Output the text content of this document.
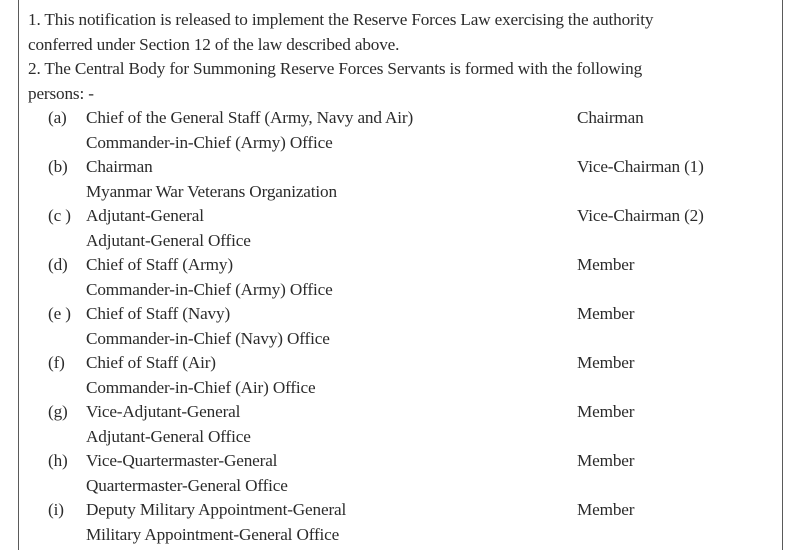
1. This notification is released to implement the Reserve Forces Law exercising the authority
conferred under Section 12 of the law described above.

2. The Central Body for Summoning Reserve Forces Servants is formed with the following
persons: -

(a)	Chief of the General Staff (Army, Navy and Air)
Commander-in-Chief (Army) Office
Chairman
(b)	Chairman
Myanmar War Veterans Organization
Vice-Chairman (1)
(c ) Adjutant-General
Adjutant-General Office
Vice-Chairman (2)
(d)	Chief of Staff (Army)
Commander-in-Chief (Army) Office
Member
(e ) Chief of Staff (Navy)
Commander-in-Chief (Navy) Office
Member
(f)	Chief of Staff (Air)
Commander-in-Chief (Air) Office
Member
(g)	Vice-Adjutant-General
Adjutant-General Office
Member
(h)	Vice-Quartermaster-General
Quartermaster-General Office
Member
(i)	Deputy Military Appointment-General
Military Appointment-General Office
Member
